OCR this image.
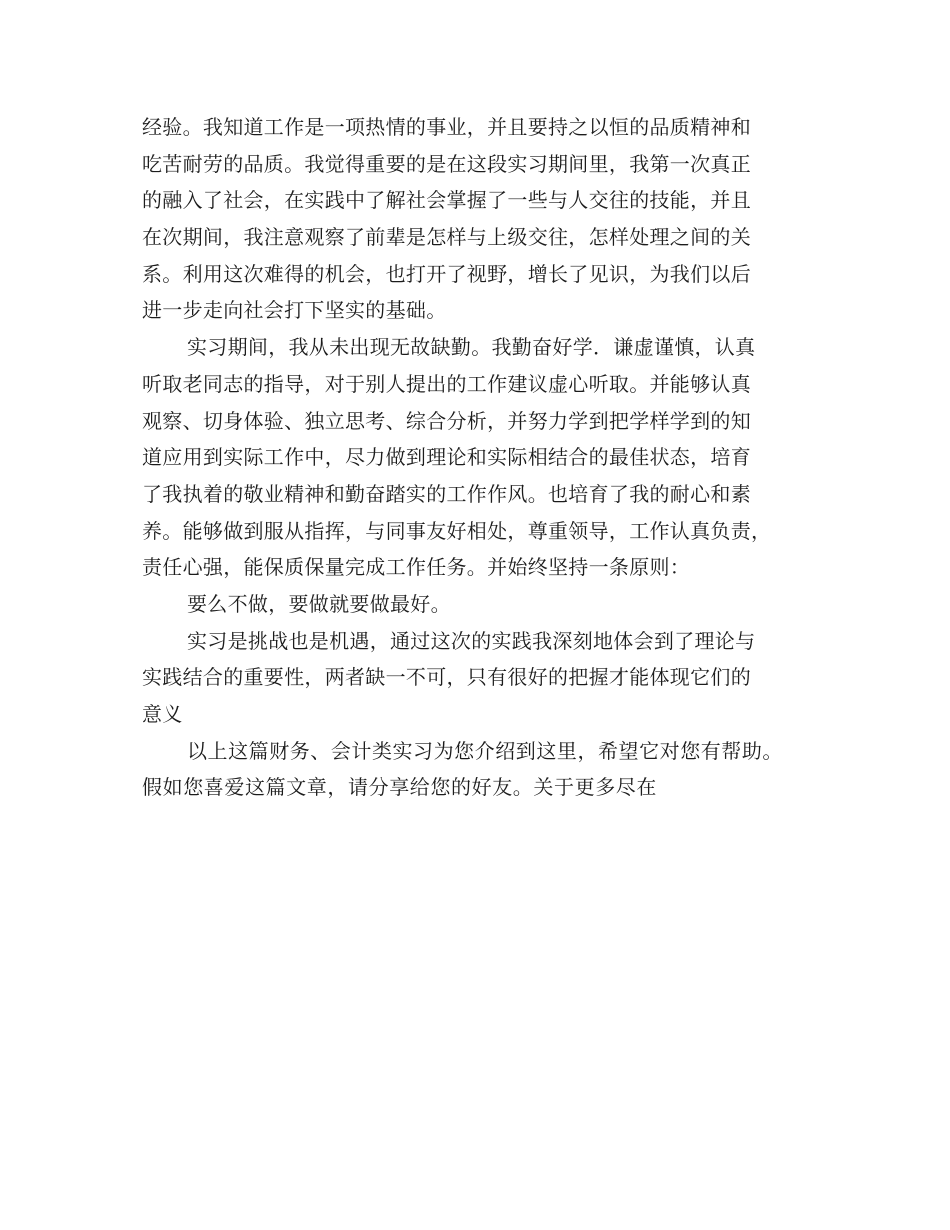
经验。我知道工作是一项热情的事业，并且要持之以恒的品质精神和
吃苦耐劳的品质。我觉得重要的是在这段实习期间里，我第一次真正
的融入了社会，在实践中了解社会掌握了一些与人交往的技能，并且
在次期间，我注意观察了前辈是怎样与上级交往，怎样处理之间的关
系。利用这次难得的机会，也打开了视野，增长了见识，为我们以后
进一步走向社会打下坚实的基础。
实习期间，我从未出现无故缺勤。我勤奋好学．谦虚谨慎，认真
听取老同志的指导，对于别人提出的工作建议虚心听取。并能够认真
观察、切身体验、独立思考、综合分析，并努力学到把学样学到的知
道应用到实际工作中，尽力做到理论和实际相结合的最佳状态，培育
了我执着的敬业精神和勤奋踏实的工作作风。也培育了我的耐心和素
养。能够做到服从指挥，与同事友好相处，尊重领导，工作认真负责，
责任心强，能保质保量完成工作任务。并始终坚持一条原则：
要么不做，要做就要做最好。
实习是挑战也是机遇，通过这次的实践我深刻地体会到了理论与
实践结合的重要性，两者缺一不可，只有很好的把握才能体现它们的
意义
以上这篇财务、会计类实习为您介绍到这里，希望它对您有帮助。
假如您喜爱这篇文章，请分享给您的好友。关于更多尽在
